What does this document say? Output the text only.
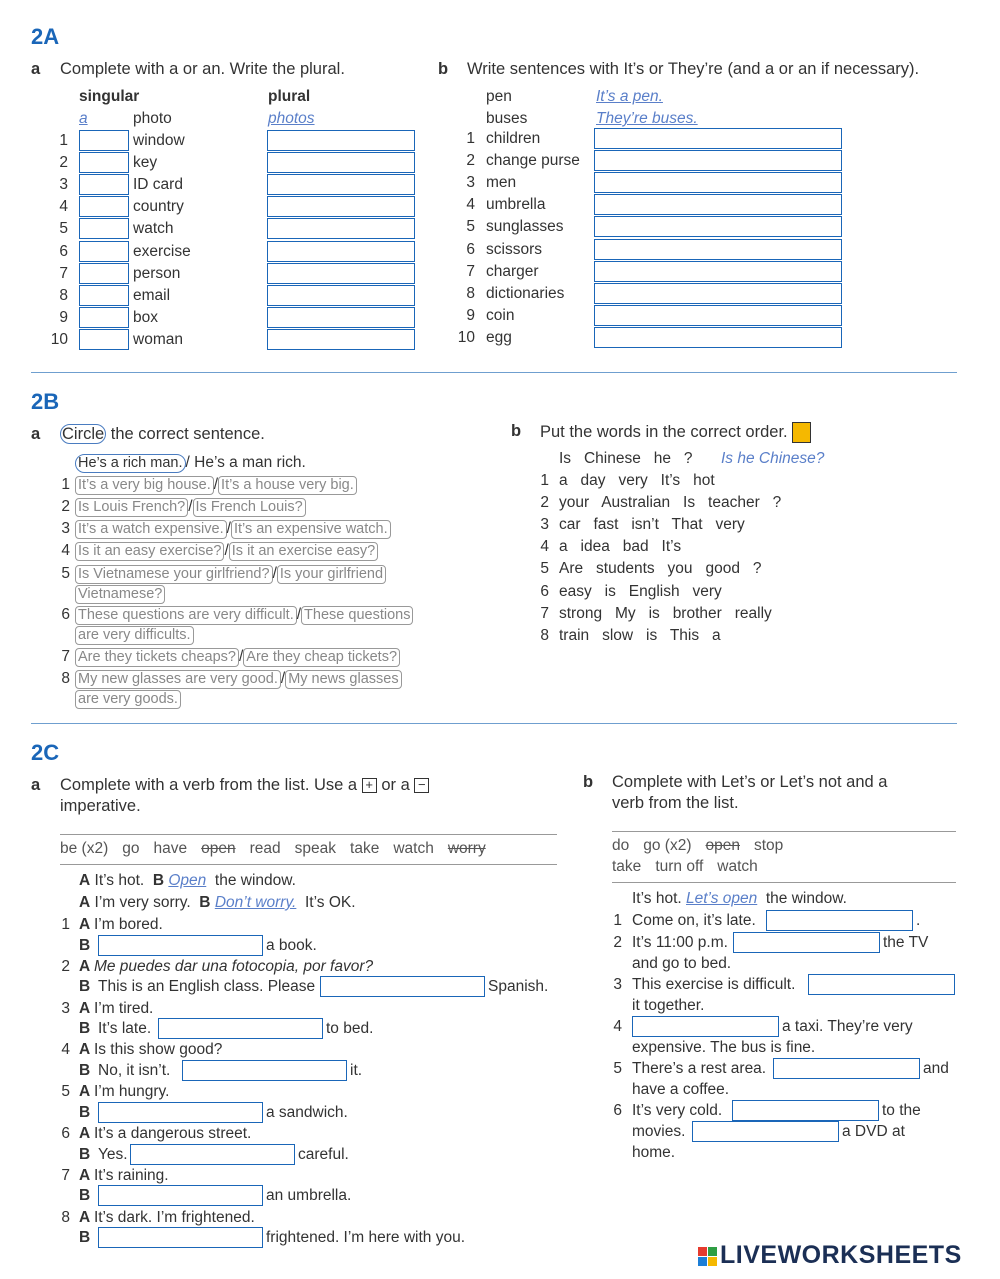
2A
a Complete with a or an. Write the plural.
singular	plural
a	photo	photos
1	window
2	key
3	ID card
4	country
5	watch
6	exercise
7	person
8	email
9	box
10	woman
b Write sentences with It’s or They’re (and a or an if necessary).
pen	It’s a pen.
buses	They’re buses.
1 children
2 change purse
3 men
4 umbrella
5 sunglasses
6 scissors
7 charger
8 dictionaries
9 coin
10 egg
2B
a Circle the correct sentence.
He’s a rich man. / He’s a man rich.
1 It’s a very big house. / It’s a house very big.
2 Is Louis French? / Is French Louis?
3 It’s a watch expensive. / It’s an expensive watch.
4 Is it an easy exercise? / Is it an exercise easy?
5 Is Vietnamese your girlfriend? / Is your girlfriend
Vietnamese?
6 These questions are very difficult. / These questions
are very difficults.
7 Are they tickets cheaps? / Are they cheap tickets?
8 My new glasses are very good. / My news glasses
are very goods.
b Put the words in the correct order.
Is   Chinese   he   ? Is he Chinese?
1 a   day   very   It’s   hot
2 your   Australian   Is   teacher   ?
3 car   fast   isn’t   That   very
4 a   idea   bad   It’s
5 Are   students   you   good   ?
6 easy   is   English   very
7 strong   My   is   brother   really
8 train   slow   is   This   a
2C
a Complete with a verb from the list. Use a + or a −
imperative.
be (x2) go have open read speak take watch worry
A It’s hot. B Open the window.
A I’m very sorry. B Don’t worry. It’s OK.
1 A I’m bored.
B	a book.
2 A Me puedes dar una fotocopia, por favor?
B This is an English class. Please	Spanish.
3 A I’m tired.
B It’s late.	to bed.
4 A Is this show good?
B No, it isn’t.	it.
5 A I’m hungry.
B	a sandwich.
6 A It’s a dangerous street.
B Yes.	careful.
7 A It’s raining.
B	an umbrella.
8 A It’s dark. I’m frightened.
B	frightened. I’m here with you.
b Complete with Let’s or Let’s not and a
verb from the list.
do go (x2) open stop
take turn off watch
It’s hot. Let’s open the window.
1 Come on, it’s late.	.
2 It’s 11:00 p.m.	the TV
and go to bed.
3 This exercise is difficult.
it together.
4	a taxi. They’re very
expensive. The bus is fine.
5 There’s a rest area.	and
have a coffee.
6 It’s very cold.	to the
movies.	a DVD at
home.
LIVEWORKSHEETS
